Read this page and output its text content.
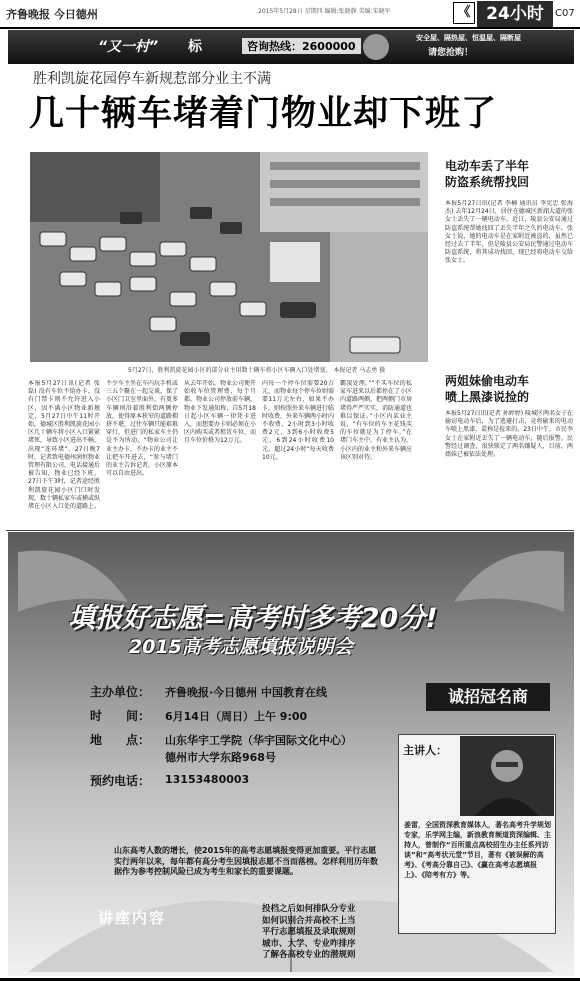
齐鲁晚报 今日德州	2015年5月28日 星期四 编辑:张晓静 美编:宋晓军	《 24小时	C07
“又一村” 标	咨询热线：2600000
安全屋、隔热屋、恒温屋、隔断屋
请您抢购！
胜利凯旋花园停车新规惹部分业主不满
几十辆车堵着门物业却下班了
5月27日，胜利凯旋花园小区的部分业主用数十辆车将小区车辆入口处堵塞。 本报记者 马志勇 摄
本报5月27日讯(记者 张磊) 没有车位不给办卡，没有门禁卡则不允许进入小区，因不满小区物业新规定，5月27日中午11时开始，德城区胜利凯旋花园小区几十辆车将小区入口紧紧堵死，导致小区进出不畅，出现“连环堵”。27日晚7时，记者致电德州润恒物业管理有限公司，电话接通后被告知，物业已经下班。27日下午3时，记者途经胜利凯旋花园小区门口时发现，数十辆私家车或横或纵堵在小区入口处的道路上。
不少车主坐在车内玩手机或三五个聚在一起交谈，保了小区门卫室里面外，有更多车辆则沿着胜利街两侧停放，使得原本狭窄的道路拥挤不堪，过往车辆只能艰难穿行，但进门的私家车主仍是不为所动。“物业公司让业主办卡，不办卡的业主不让把车开进去，“参与堵门的业主告诉记者，小区原本可以自由进出。
从去年开始，物业公司便开始收车位管理费，每个月都，物业公司停放前车辆，物业下发通知称，自5月18日起小区车辆一律凭卡进入，而想要办卡则必须在小区内购买或者租赁车位，而且车位价格为12万元。
内每一个停车位需要20万元，而物业每个停车位则需要11万元左右，如果不办卡，则按照外来车辆进行临时收费，外来车辆两小时内不收费，2小时到3小时收费2元，3到6小时收费5元，6到24小时收费10元，超过24小时“每天收费10元。
霸凌处理。”“不买车位的私家车进来以后都停在了小区内道路两侧，把两侧门市房堵得严严实实，消防通道也难以保证。”小区内某业主说，“有车位的车主花钱买的车位就是为了停车。”在堵门车主中，有业主认为，小区内的业主和外来车辆应该区别对待。
电动车丢了半年
防盗系统帮找回
本报5月27日讯(记者 李楠 通讯员 李宪忠 张海杰) 去年12月24日，居住在德城区新湖大道的张女士丢失了一辆电动车，近日，陵县公安局通过防盗系统帮她找回了丢失半年之久的电动车。张女士说，她的电动车是在家附近被盗的，虽然已经过去了半年，但是陵县公安局民警通过电动车防盗系统，将其成功找回，现已经将电动车交给张女士。
两姐妹偷电动车
喷上黑漆说捡的
本报5月27日讯(记者 孙婷婷) 陵城区两名女子在偷窃电动车后，为了逃避打击，竟将偷来的电动车喷上黑漆，谎称是捡来的。23日中午，市民李女士在家附近丢失了一辆电动车，随后报警。民警经过调查，很快锁定了两名嫌疑人，目前，两姐妹已被依法处理。
填报好志愿=高考时多考20分!
2015高考志愿填报说明会
主办单位： 齐鲁晚报·今日德州 中国教育在线
时　　间： 6月14日（周日）上午 9:00
地　　点： 山东华宇工学院（华宇国际文化中心）
德州市大学东路968号
预约电话： 13153480003
诚招冠名商
主讲人：
姜雷，全国资深教育媒体人，著名高考升学规划专家，乐学网主编，新浪教育频道资深编辑、主持人，曾制作“百所重点高校招生办主任系列访谈”和“高考状元堂”节目，著有《被误解的高考》、《考高分靠自己》、《赢在高考志愿填报上》、《陪考有方》等。
山东高考人数的增长，使2015年的高考志愿填报变得更加重要。平行志愿实行两年以来，每年都有高分考生因填报志愿不当而落榜。怎样利用历年数据作为参考控制风险已成为考生和家长的重要课题。
讲座内容	投档之后如何排队分专业
如何识别合并高校不上当
平行志愿填报及录取规则
城市、大学、专业咋排序
了解各高校专业的潜规则
